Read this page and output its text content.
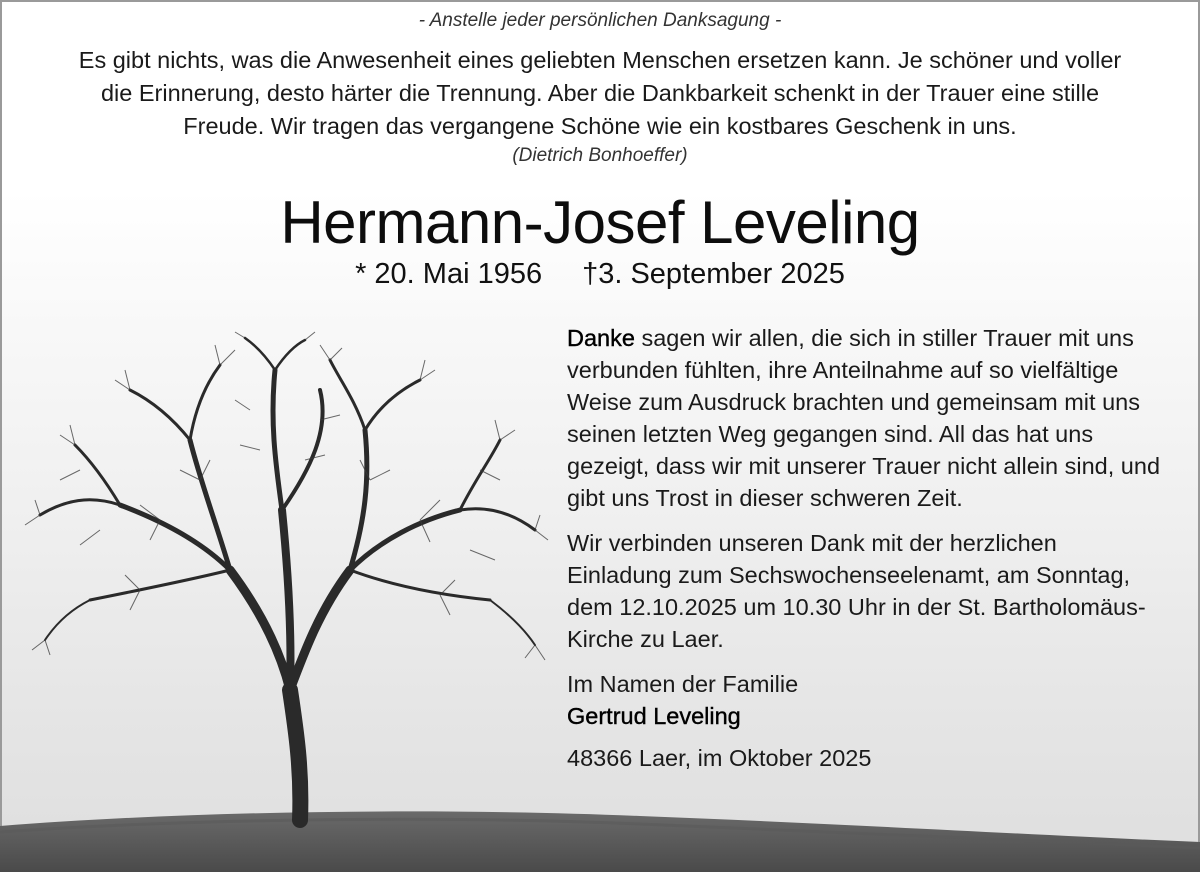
- Anstelle jeder persönlichen Danksagung -
Es gibt nichts, was die Anwesenheit eines geliebten Menschen ersetzen kann. Je schöner und voller
die Erinnerung, desto härter die Trennung. Aber die Dankbarkeit schenkt in der Trauer eine stille
Freude. Wir tragen das vergangene Schöne wie ein kostbares Geschenk in uns.
(Dietrich Bonhoeffer)
Hermann-Josef Leveling
* 20. Mai 1956 †3. September 2025

Danke sagen wir allen, die sich in stiller Trauer mit uns verbunden fühlten, ihre Anteilnahme auf so vielfältige Weise zum Ausdruck brachten und gemeinsam mit uns seinen letzten Weg gegangen sind. All das hat uns gezeigt, dass wir mit unserer Trauer nicht allein sind, und gibt uns Trost in dieser schweren Zeit.

Wir verbinden unseren Dank mit der herzlichen Einladung zum Sechswochenseelenamt, am Sonntag, dem 12.10.2025 um 10.30 Uhr in der St. Bartholomäus-Kirche zu Laer.

Im Namen der Familie
Gertrud Leveling

48366 Laer, im Oktober 2025
